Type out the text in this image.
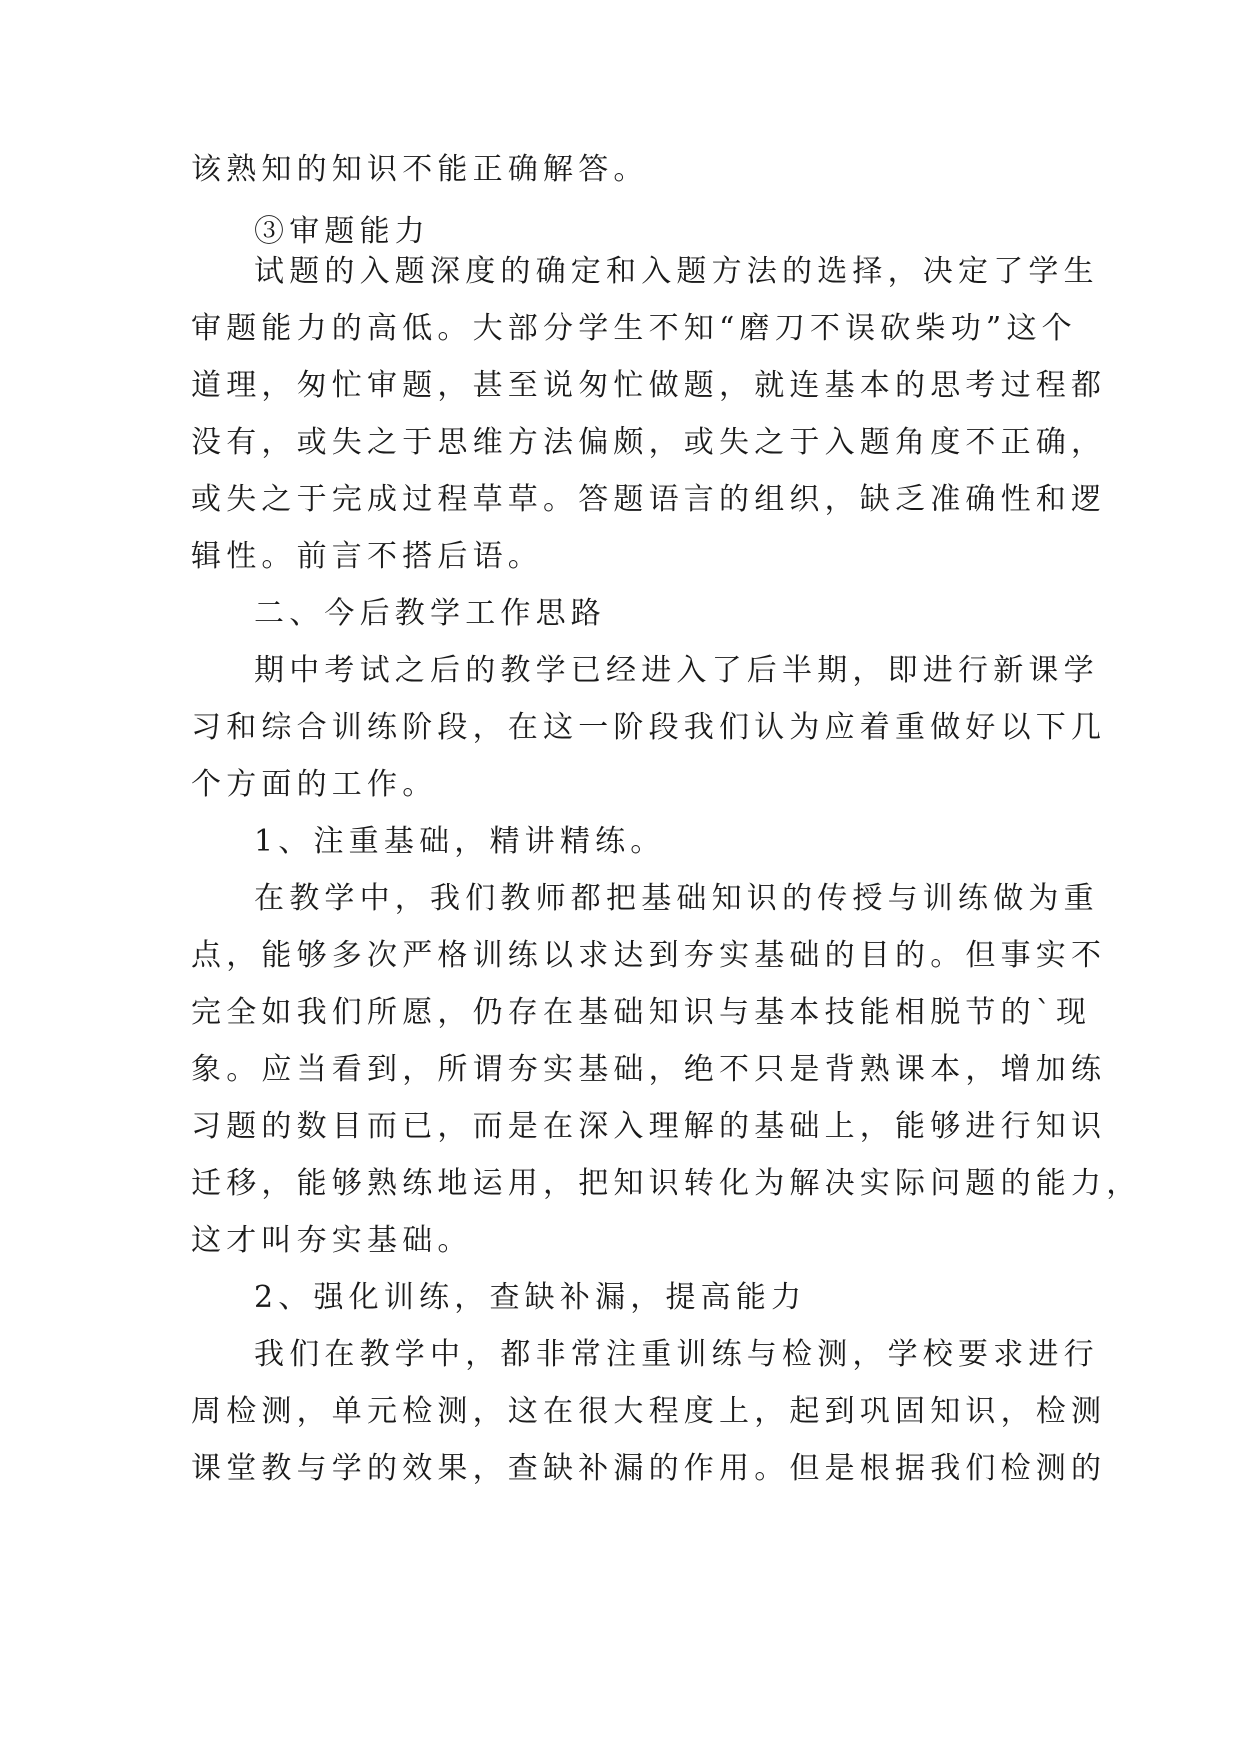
该熟知的知识不能正确解答。
③审题能力
试题的入题深度的确定和入题方法的选择，决定了学生
审题能力的高低。大部分学生不知“磨刀不误砍柴功”这个
道理，匆忙审题，甚至说匆忙做题，就连基本的思考过程都
没有，或失之于思维方法偏颇，或失之于入题角度不正确，
或失之于完成过程草草。答题语言的组织，缺乏准确性和逻
辑性。前言不搭后语。
二、今后教学工作思路
期中考试之后的教学已经进入了后半期，即进行新课学
习和综合训练阶段，在这一阶段我们认为应着重做好以下几
个方面的工作。
1、注重基础，精讲精练。
在教学中，我们教师都把基础知识的传授与训练做为重
点，能够多次严格训练以求达到夯实基础的目的。但事实不
完全如我们所愿，仍存在基础知识与基本技能相脱节的`现
象。应当看到，所谓夯实基础，绝不只是背熟课本，增加练
习题的数目而已，而是在深入理解的基础上，能够进行知识
迁移，能够熟练地运用，把知识转化为解决实际问题的能力，
这才叫夯实基础。
2、强化训练，查缺补漏，提高能力
我们在教学中，都非常注重训练与检测，学校要求进行
周检测，单元检测，这在很大程度上，起到巩固知识，检测
课堂教与学的效果，查缺补漏的作用。但是根据我们检测的
